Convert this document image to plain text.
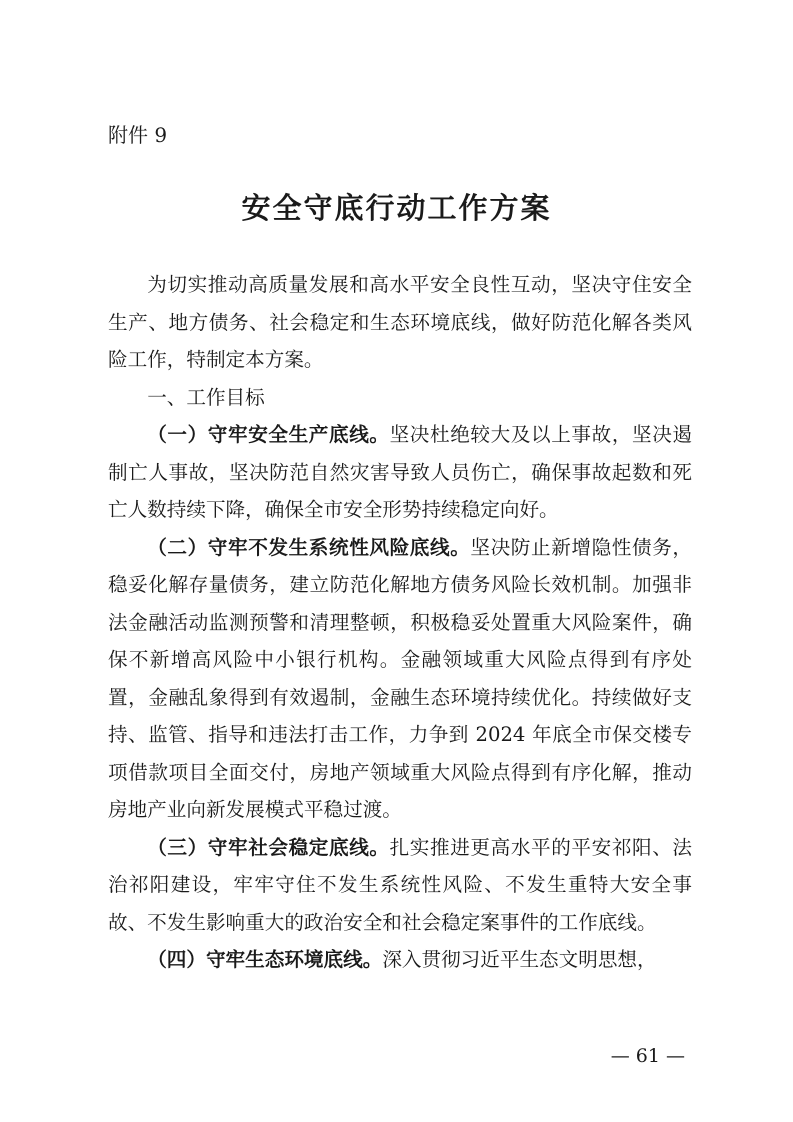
附件 9
安全守底行动工作方案

为切实推动高质量发展和高水平安全良性互动，坚决守住安全生产、地方债务、社会稳定和生态环境底线，做好防范化解各类风险工作，特制定本方案。

一、工作目标

（一）守牢安全生产底线。坚决杜绝较大及以上事故，坚决遏制亡人事故，坚决防范自然灾害导致人员伤亡，确保事故起数和死亡人数持续下降，确保全市安全形势持续稳定向好。

（二）守牢不发生系统性风险底线。坚决防止新增隐性债务，稳妥化解存量债务，建立防范化解地方债务风险长效机制。加强非法金融活动监测预警和清理整顿，积极稳妥处置重大风险案件，确保不新增高风险中小银行机构。金融领域重大风险点得到有序处置，金融乱象得到有效遏制，金融生态环境持续优化。持续做好支持、监管、指导和违法打击工作，力争到 2024 年底全市保交楼专项借款项目全面交付，房地产领域重大风险点得到有序化解，推动房地产业向新发展模式平稳过渡。

（三）守牢社会稳定底线。扎实推进更高水平的平安祁阳、法治祁阳建设，牢牢守住不发生系统性风险、不发生重特大安全事故、不发生影响重大的政治安全和社会稳定案事件的工作底线。

（四）守牢生态环境底线。深入贯彻习近平生态文明思想，

— 61 —
